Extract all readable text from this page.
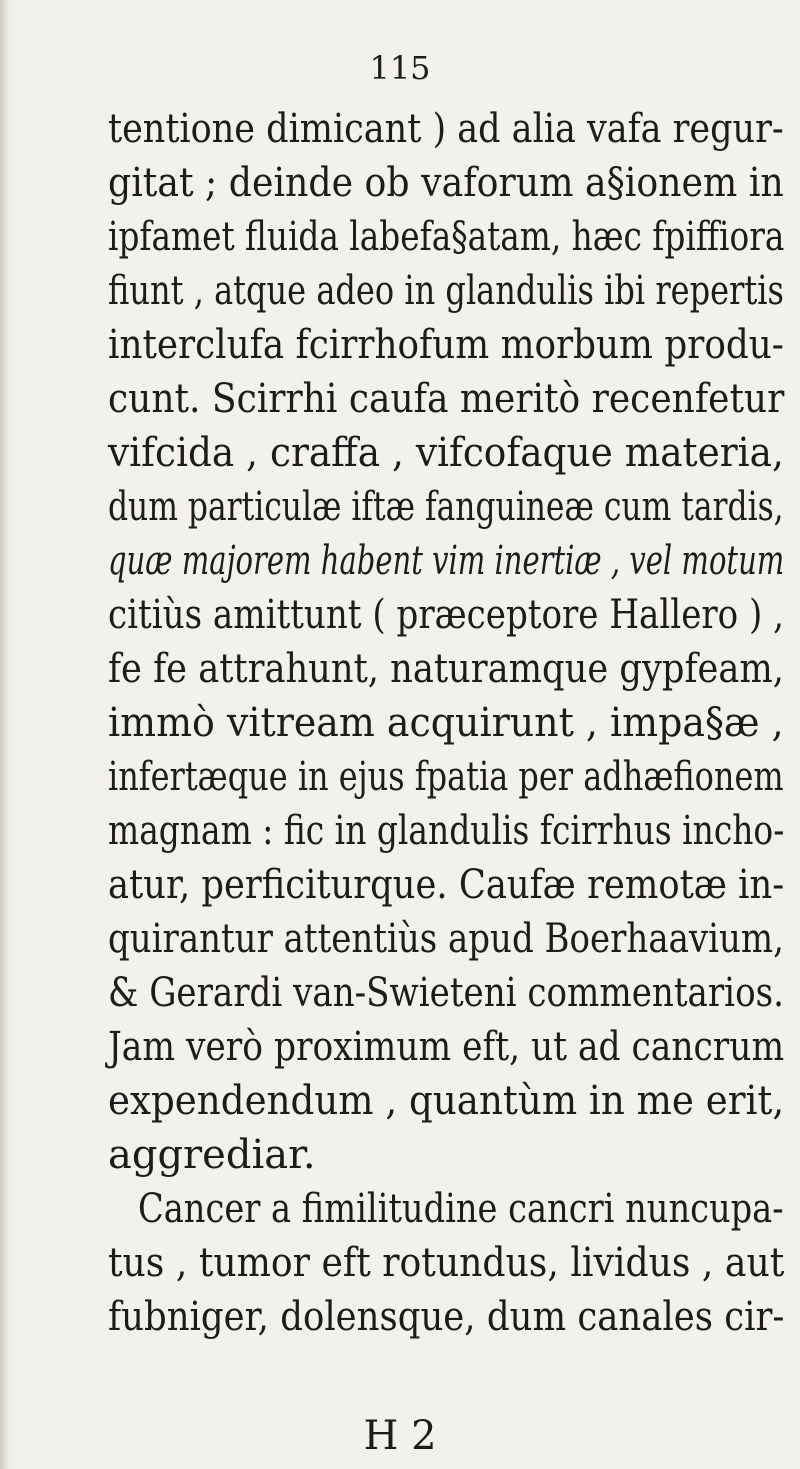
115
tentione dimicant ) ad alia vafa regur-
gitat ; deinde ob vaforum a§ionem in
ipfamet fluida labefa§atam, hæc fpiffiora
fiunt , atque adeo in glandulis ibi repertis
interclufa fcirrhofum morbum produ-
cunt. Scirrhi caufa meritò recenfetur
vifcida , craffa , vifcofaque materia,
dum particulæ iftæ fanguineæ cum tardis,
quæ majorem habent vim inertiæ , vel motum
citiùs amittunt ( præceptore Hallero ) ,
fe fe attrahunt, naturamque gypfeam,
immò vitream acquirunt , impa§æ ,
infertæque in ejus fpatia per adhæfionem
magnam : fic in glandulis fcirrhus incho-
atur, perficiturque. Caufæ remotæ in-
quirantur attentiùs apud Boerhaavium,
& Gerardi van-Swieteni commentarios.
Jam verò proximum eft, ut ad cancrum
expendendum , quantùm in me erit,
aggrediar.
Cancer a fimilitudine cancri nuncupa-
tus , tumor eft rotundus, lividus , aut
fubniger, dolensque, dum canales cir-
H 2
